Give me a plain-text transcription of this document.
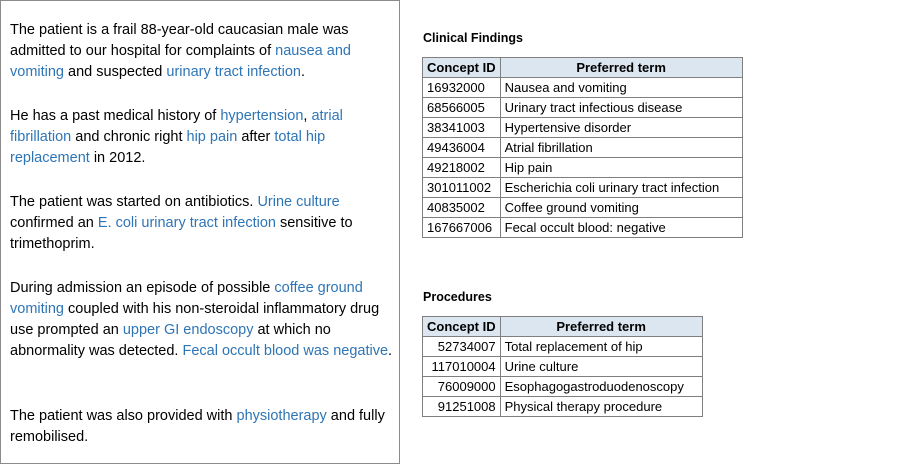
The patient is a frail 88-year-old caucasian male was admitted to our hospital for complaints of nausea and vomiting and suspected urinary tract infection.

He has a past medical history of hypertension, atrial fibrillation and chronic right hip pain after total hip replacement in 2012.

The patient was started on antibiotics. Urine culture confirmed an E. coli urinary tract infection sensitive to trimethoprim.

During admission an episode of possible coffee ground vomiting coupled with his non-steroidal inflammatory drug use prompted an upper GI endoscopy at which no abnormality was detected. Fecal occult blood was negative.

The patient was also provided with physiotherapy and fully remobilised.

Clinical Findings

Concept ID	Preferred term
16932000	Nausea and vomiting
68566005	Urinary tract infectious disease
38341003	Hypertensive disorder
49436004	Atrial fibrillation
49218002	Hip pain
301011002	Escherichia coli urinary tract infection
40835002	Coffee ground vomiting
167667006	Fecal occult blood: negative

Procedures

Concept ID	Preferred term
52734007	Total replacement of hip
117010004	Urine culture
76009000	Esophagogastroduodenoscopy
91251008	Physical therapy procedure
